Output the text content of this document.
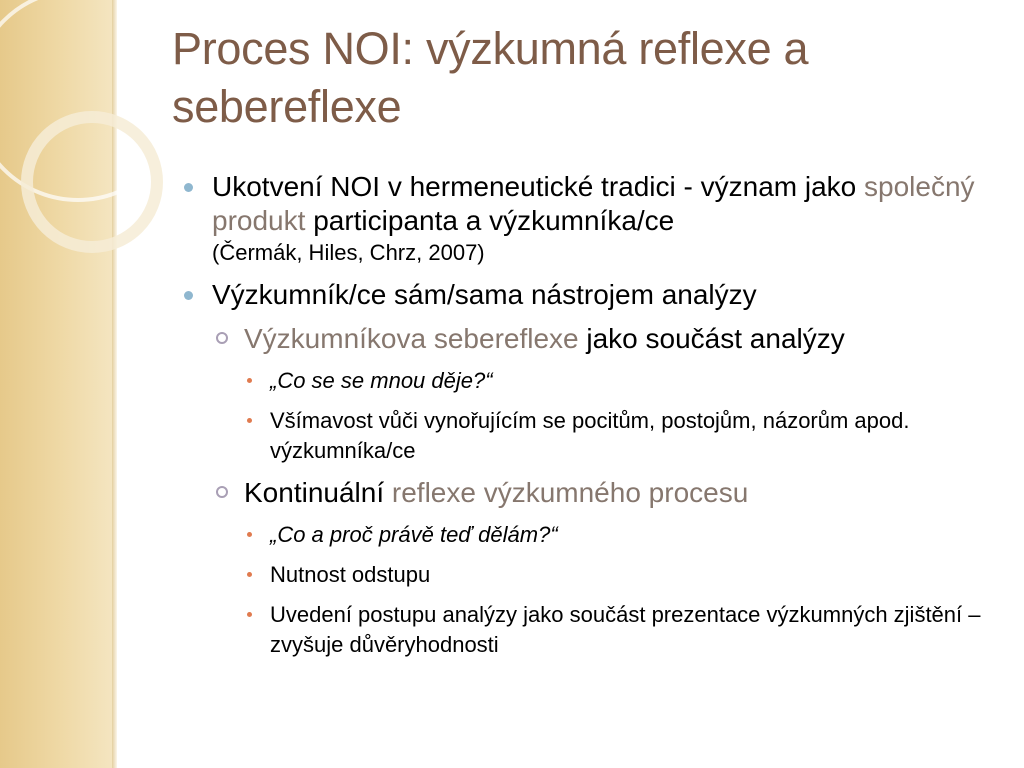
Proces NOI: výzkumná reflexe a sebereflexe
Ukotvení NOI v hermeneutické tradici - význam jako společný produkt participanta a výzkumníka/ce
(Čermák, Hiles, Chrz, 2007)
Výzkumník/ce sám/sama nástrojem analýzy
Výzkumníkova sebereflexe jako součást analýzy
„Co se se mnou děje?“
Všímavost vůči vynořujícím se pocitům, postojům, názorům apod. výzkumníka/ce
Kontinuální reflexe výzkumného procesu
„Co a proč právě teď dělám?“
Nutnost odstupu
Uvedení postupu analýzy jako součást prezentace výzkumných zjištění – zvyšuje důvěryhodnosti
